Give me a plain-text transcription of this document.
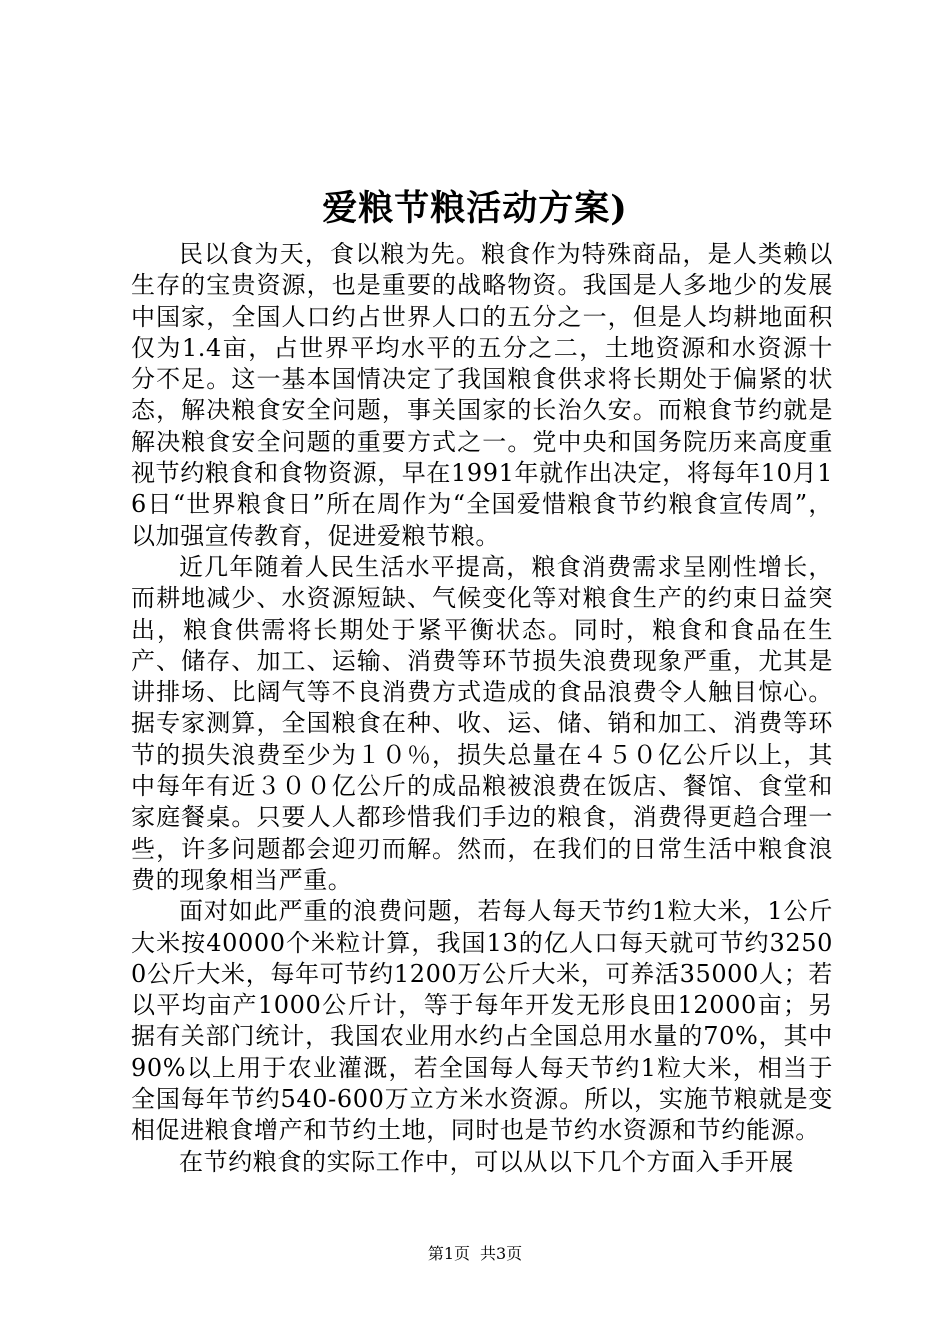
爱粮节粮活动方案)

民以食为天，食以粮为先。粮食作为特殊商品，是人类赖以生存的宝贵资源，也是重要的战略物资。我国是人多地少的发展中国家，全国人口约占世界人口的五分之一，但是人均耕地面积仅为1.4亩，占世界平均水平的五分之二，土地资源和水资源十分不足。这一基本国情决定了我国粮食供求将长期处于偏紧的状态，解决粮食安全问题，事关国家的长治久安。而粮食节约就是解决粮食安全问题的重要方式之一。党中央和国务院历来高度重视节约粮食和食物资源，早在1991年就作出决定，将每年10月16日“世界粮食日”所在周作为“全国爱惜粮食节约粮食宣传周”，以加强宣传教育，促进爱粮节粮。

近几年随着人民生活水平提高，粮食消费需求呈刚性增长，而耕地减少、水资源短缺、气候变化等对粮食生产的约束日益突出，粮食供需将长期处于紧平衡状态。同时，粮食和食品在生产、储存、加工、运输、消费等环节损失浪费现象严重，尤其是讲排场、比阔气等不良消费方式造成的食品浪费令人触目惊心。据专家测算，全国粮食在种、收、运、储、销和加工、消费等环节的损失浪费至少为１０％，损失总量在４５０亿公斤以上，其中每年有近３００亿公斤的成品粮被浪费在饭店、餐馆、食堂和家庭餐桌。只要人人都珍惜我们手边的粮食，消费得更趋合理一些，许多问题都会迎刃而解。然而，在我们的日常生活中粮食浪费的现象相当严重。

面对如此严重的浪费问题，若每人每天节约1粒大米，1公斤大米按40000个米粒计算，我国13的亿人口每天就可节约32500公斤大米，每年可节约1200万公斤大米，可养活35000人；若以平均亩产1000公斤计，等于每年开发无形良田12000亩；另据有关部门统计，我国农业用水约占全国总用水量的70%，其中90%以上用于农业灌溉，若全国每人每天节约1粒大米，相当于全国每年节约540-600万立方米水资源。所以，实施节粮就是变相促进粮食增产和节约土地，同时也是节约水资源和节约能源。

在节约粮食的实际工作中，可以从以下几个方面入手开展

第1页 共3页
